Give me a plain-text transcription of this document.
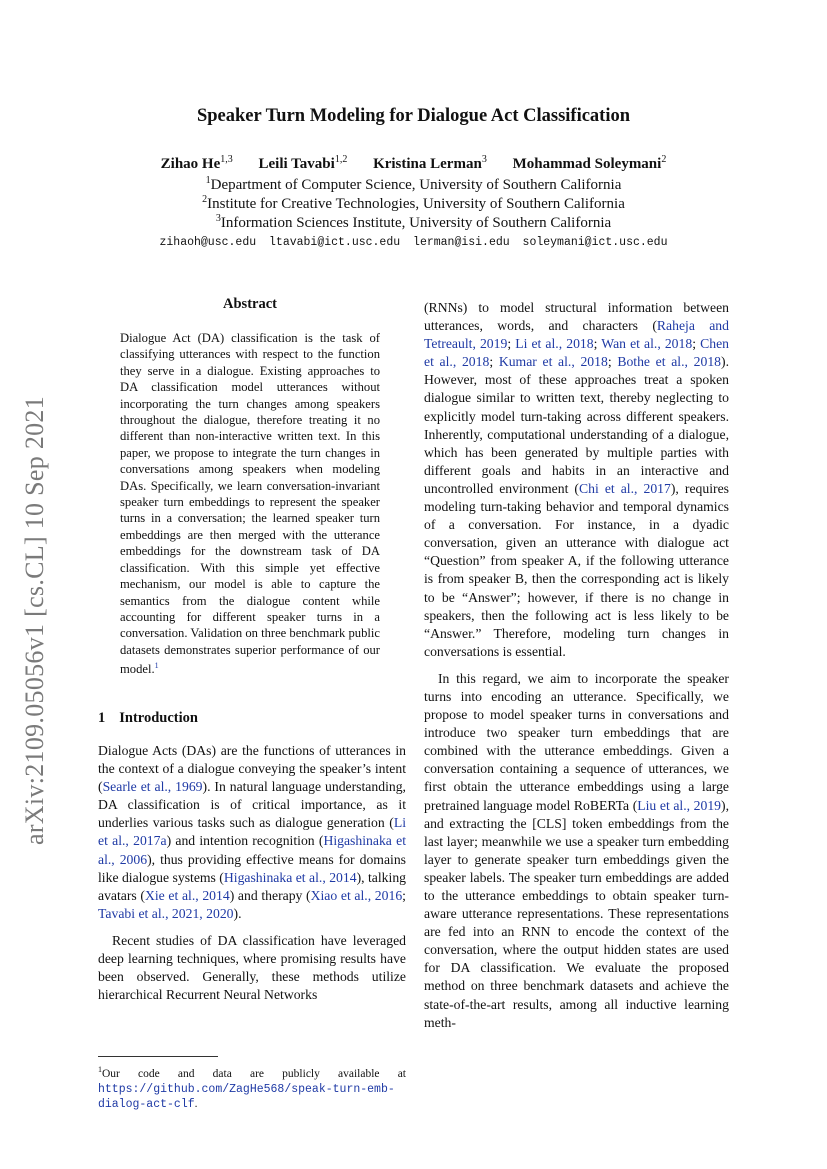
arXiv:2109.05056v1 [cs.CL] 10 Sep 2021
Speaker Turn Modeling for Dialogue Act Classification
Zihao He$^{1,3}$ Leili Tavabi$^{1,2}$ Kristina Lerman$^3$ Mohammad Soleymani$^2$
$^1$Department of Computer Science, University of Southern California
$^2$Institute for Creative Technologies, University of Southern California
$^3$Information Sciences Institute, University of Southern California
zihaoh@usc.edu ltavabi@ict.usc.edu lerman@isi.edu soleymani@ict.usc.edu
Abstract
Dialogue Act (DA) classification is the task of classifying utterances with respect to the function they serve in a dialogue. Existing approaches to DA classification model utterances without incorporating the turn changes among speakers throughout the dialogue, therefore treating it no different than non-interactive written text. In this paper, we propose to integrate the turn changes in conversations among speakers when modeling DAs. Specifically, we learn conversation-invariant speaker turn embeddings to represent the speaker turns in a conversation; the learned speaker turn embeddings are then merged with the utterance embeddings for the downstream task of DA classification. With this simple yet effective mechanism, our model is able to capture the semantics from the dialogue content while accounting for different speaker turns in a conversation. Validation on three benchmark public datasets demonstrates superior performance of our model.$^1$
1 Introduction

Dialogue Acts (DAs) are the functions of utterances in the context of a dialogue conveying the speaker’s intent (Searle et al., 1969). In natural language understanding, DA classification is of critical importance, as it underlies various tasks such as dialogue generation (Li et al., 2017a) and intention recognition (Higashinaka et al., 2006), thus providing effective means for domains like dialogue systems (Higashinaka et al., 2014), talking avatars (Xie et al., 2014) and therapy (Xiao et al., 2016; Tavabi et al., 2021, 2020).

Recent studies of DA classification have leveraged deep learning techniques, where promising results have been observed. Generally, these methods utilize hierarchical Recurrent Neural Networks

(RNNs) to model structural information between utterances, words, and characters (Raheja and Tetreault, 2019; Li et al., 2018; Wan et al., 2018; Chen et al., 2018; Kumar et al., 2018; Bothe et al., 2018). However, most of these approaches treat a spoken dialogue similar to written text, thereby neglecting to explicitly model turn-taking across different speakers. Inherently, computational understanding of a dialogue, which has been generated by multiple parties with different goals and habits in an interactive and uncontrolled environment (Chi et al., 2017), requires modeling turn-taking behavior and temporal dynamics of a conversation. For instance, in a dyadic conversation, given an utterance with dialogue act “Question” from speaker A, if the following utterance is from speaker B, then the corresponding act is likely to be “Answer”; however, if there is no change in speakers, then the following act is less likely to be “Answer.” Therefore, modeling turn changes in conversations is essential.

In this regard, we aim to incorporate the speaker turns into encoding an utterance. Specifically, we propose to model speaker turns in conversations and introduce two speaker turn embeddings that are combined with the utterance embeddings. Given a conversation containing a sequence of utterances, we first obtain the utterance embeddings using a large pretrained language model RoBERTa (Liu et al., 2019), and extracting the [CLS] token embeddings from the last layer; meanwhile we use a speaker turn embedding layer to generate speaker turn embeddings given the speaker labels. The speaker turn embeddings are added to the utterance embeddings to obtain speaker turn-aware utterance representations. These representations are fed into an RNN to encode the context of the conversation, where the output hidden states are used for DA classification. We evaluate the proposed method on three benchmark datasets and achieve the state-of-the-art results, among all inductive learning meth-

$^1$Our code and data are publicly available at https://github.com/ZagHe568/speak-turn-emb-dialog-act-clf.
